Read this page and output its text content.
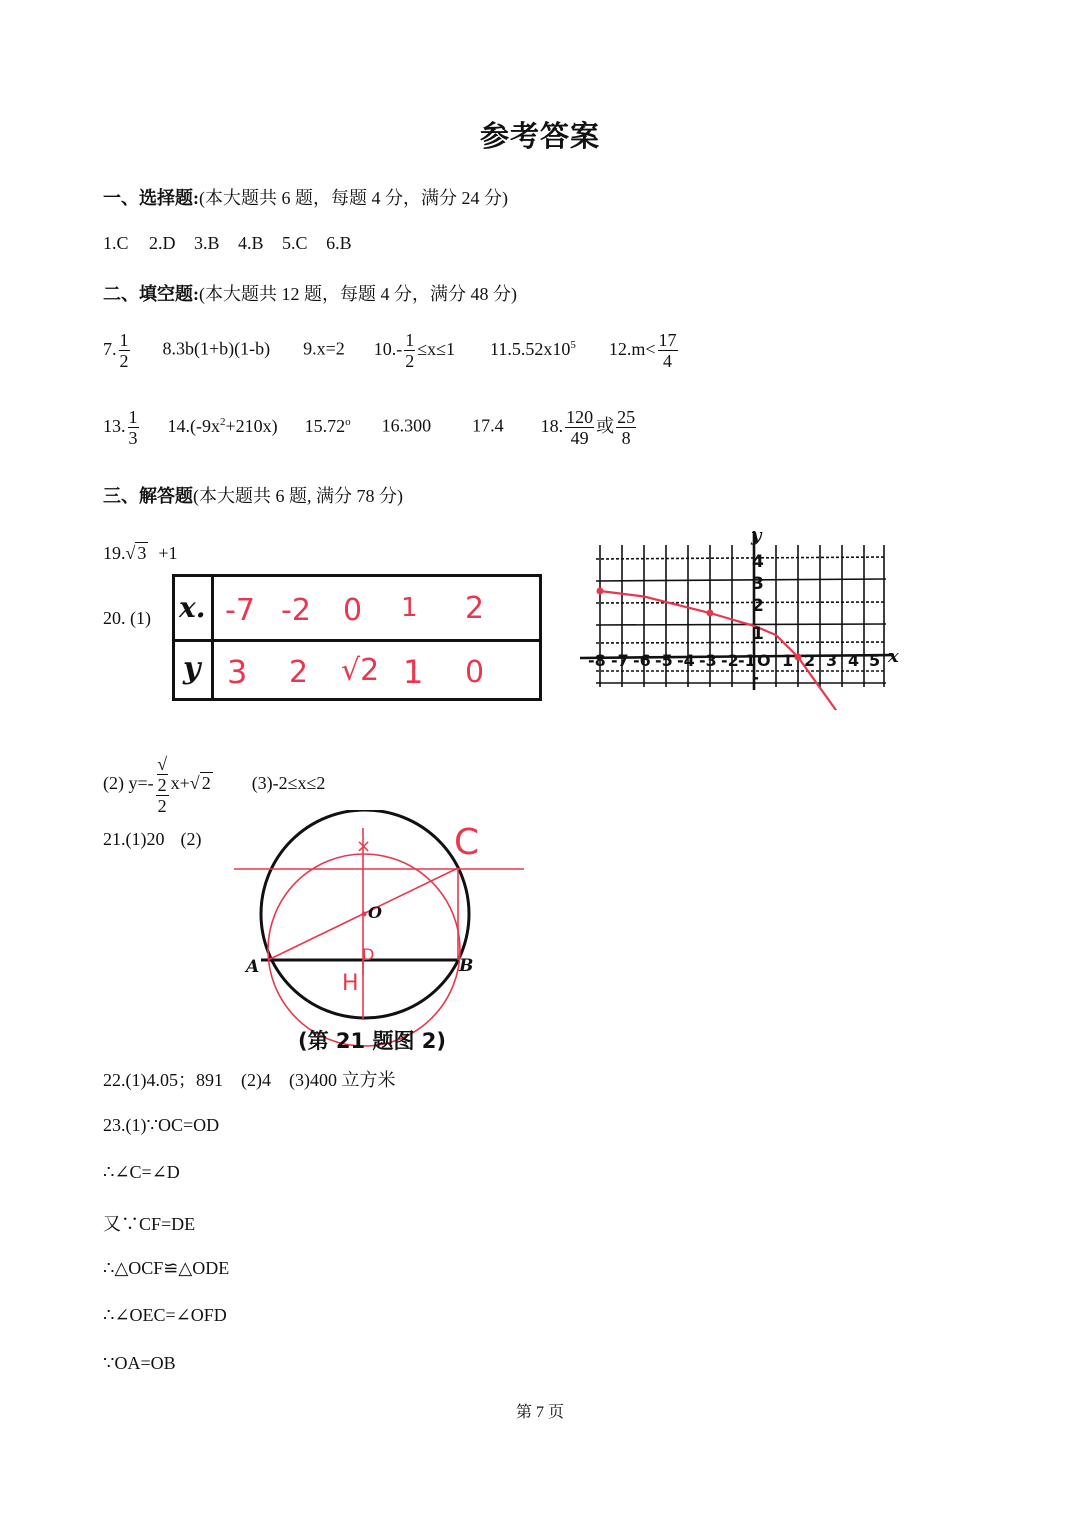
参考答案
一、选择题:(本大题共 6 题，每题 4 分，满分 24 分)
1.C 2.D 3.B 4.B 5.C 6.B
二、填空题:(本大题共 12 题，每题 4 分，满分 48 分)
7. $\frac{1}{2} 8.3b(1+b)(1-b)$ 9.x=2 $10.- \frac{1}{2} \le x\le 1$ $11.5.52x10^5$ $12.m< \frac{17}{4}$
13. $\frac{1}{3} 14.(-9x^2+210x)$ 15.72$^o$ 16.300 17.4 18. $\frac{120}{49}$ 或 $\frac{25}{8}$
三、解答题(本大题共 6 题, 满分 78 分)
19.√ 3 +1
20. (1) x.
y
-7 -2 0 1 2
3 2 √2 1 0
y
x
4
3
2
1
-
-8 -7 -6 -5 -4 -3 -2 -1 O 1 2 3 4 5
(2) y=- √
2
2 x+√ 2 (3)-2≤x≤2
21.(1)20 (2)
A	B
O
C
H
D
×
(第 21 题图 2)
22.(1)4.05；891　(2)4　(3)400 立方米
23.(1)∵OC=OD
∴∠C=∠D
又∵CF=DE
∴△OCF≌△ODE
∴∠OEC=∠OFD
∵OA=OB
第 7 页
